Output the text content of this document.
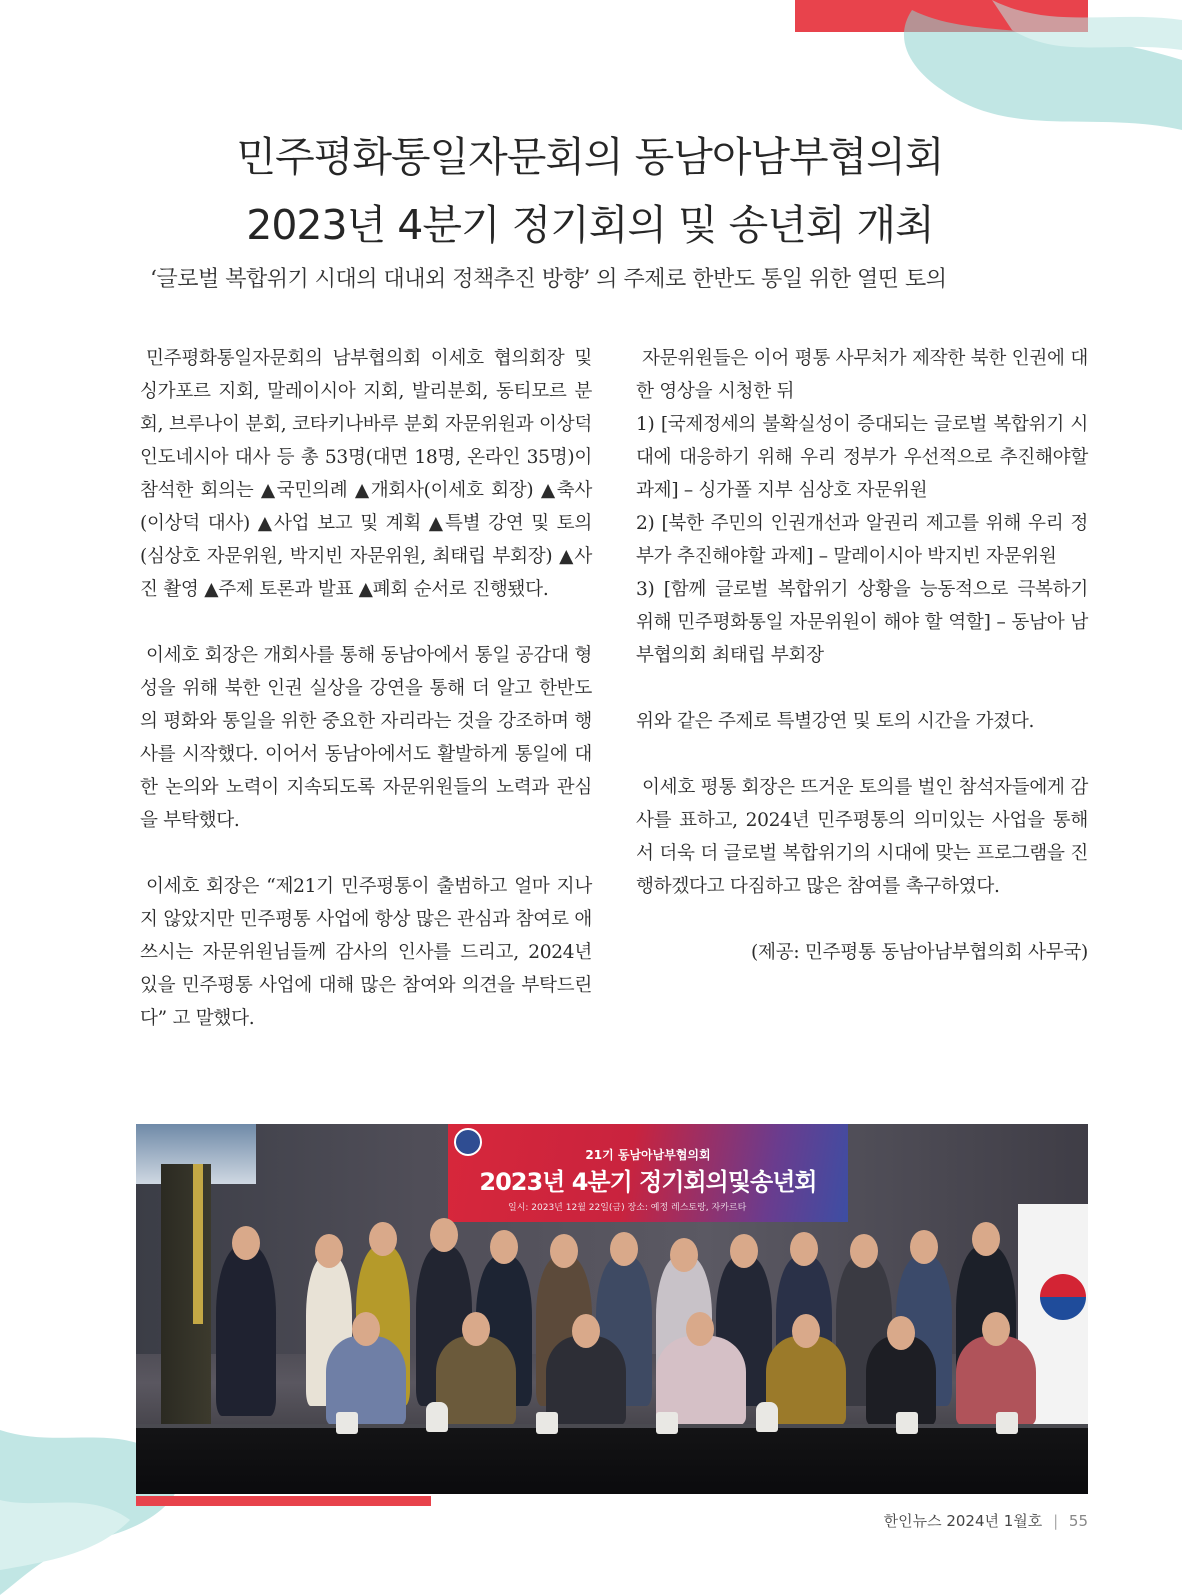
민주평화통일자문회의 동남아남부협의회
2023년 4분기 정기회의 및 송년회 개최
‘글로벌 복합위기 시대의 대내외 정책추진 방향’ 의 주제로 한반도 통일 위한 열띤 토의

민주평화통일자문회의 남부협의회 이세호 협의회장 및 싱가포르 지회, 말레이시아 지회, 발리분회, 동티모르 분회, 브루나이 분회, 코타키나바루 분회 자문위원과 이상덕 인도네시아 대사 등 총 53명(대면 18명, 온라인 35명)이 참석한 회의는 ▲국민의례 ▲개회사(이세호 회장) ▲축사(이상덕 대사) ▲사업 보고 및 계획 ▲특별 강연 및 토의(심상호 자문위원, 박지빈 자문위원, 최태립 부회장) ▲사진 촬영 ▲주제 토론과 발표 ▲폐회 순서로 진행됐다.

이세호 회장은 개회사를 통해 동남아에서 통일 공감대 형성을 위해 북한 인권 실상을 강연을 통해 더 알고 한반도의 평화와 통일을 위한 중요한 자리라는 것을 강조하며 행사를 시작했다. 이어서 동남아에서도 활발하게 통일에 대한 논의와 노력이 지속되도록 자문위원들의 노력과 관심을 부탁했다.

이세호 회장은 “제21기 민주평통이 출범하고 얼마 지나지 않았지만 민주평통 사업에 항상 많은 관심과 참여로 애쓰시는 자문위원님들께 감사의 인사를 드리고, 2024년 있을 민주평통 사업에 대해 많은 참여와 의견을 부탁드린다” 고 말했다.

자문위원들은 이어 평통 사무처가 제작한 북한 인권에 대한 영상을 시청한 뒤

1) [국제정세의 불확실성이 증대되는 글로벌 복합위기 시대에 대응하기 위해 우리 정부가 우선적으로 추진해야할 과제] – 싱가폴 지부 심상호 자문위원

2) [북한 주민의 인권개선과 알권리 제고를 위해 우리 정부가 추진해야할 과제] – 말레이시아 박지빈 자문위원

3) [함께 글로벌 복합위기 상황을 능동적으로 극복하기 위해 민주평화통일 자문위원이 해야 할 역할] – 동남아 남부협의회 최태립 부회장

위와 같은 주제로 특별강연 및 토의 시간을 가졌다.

이세호 평통 회장은 뜨거운 토의를 벌인 참석자들에게 감사를 표하고, 2024년 민주평통의 의미있는 사업을 통해서 더욱 더 글로벌 복합위기의 시대에 맞는 프로그램을 진행하겠다고 다짐하고 많은 참여를 촉구하였다.

(제공: 민주평통 동남아남부협의회 사무국)

21기 동남아남부협의회
2023년 4분기 정기회의및송년회
일시: 2023년 12월 22일(금) 장소: 예정 레스토랑, 자카르타
한인뉴스 2024년 1월호 | 55
